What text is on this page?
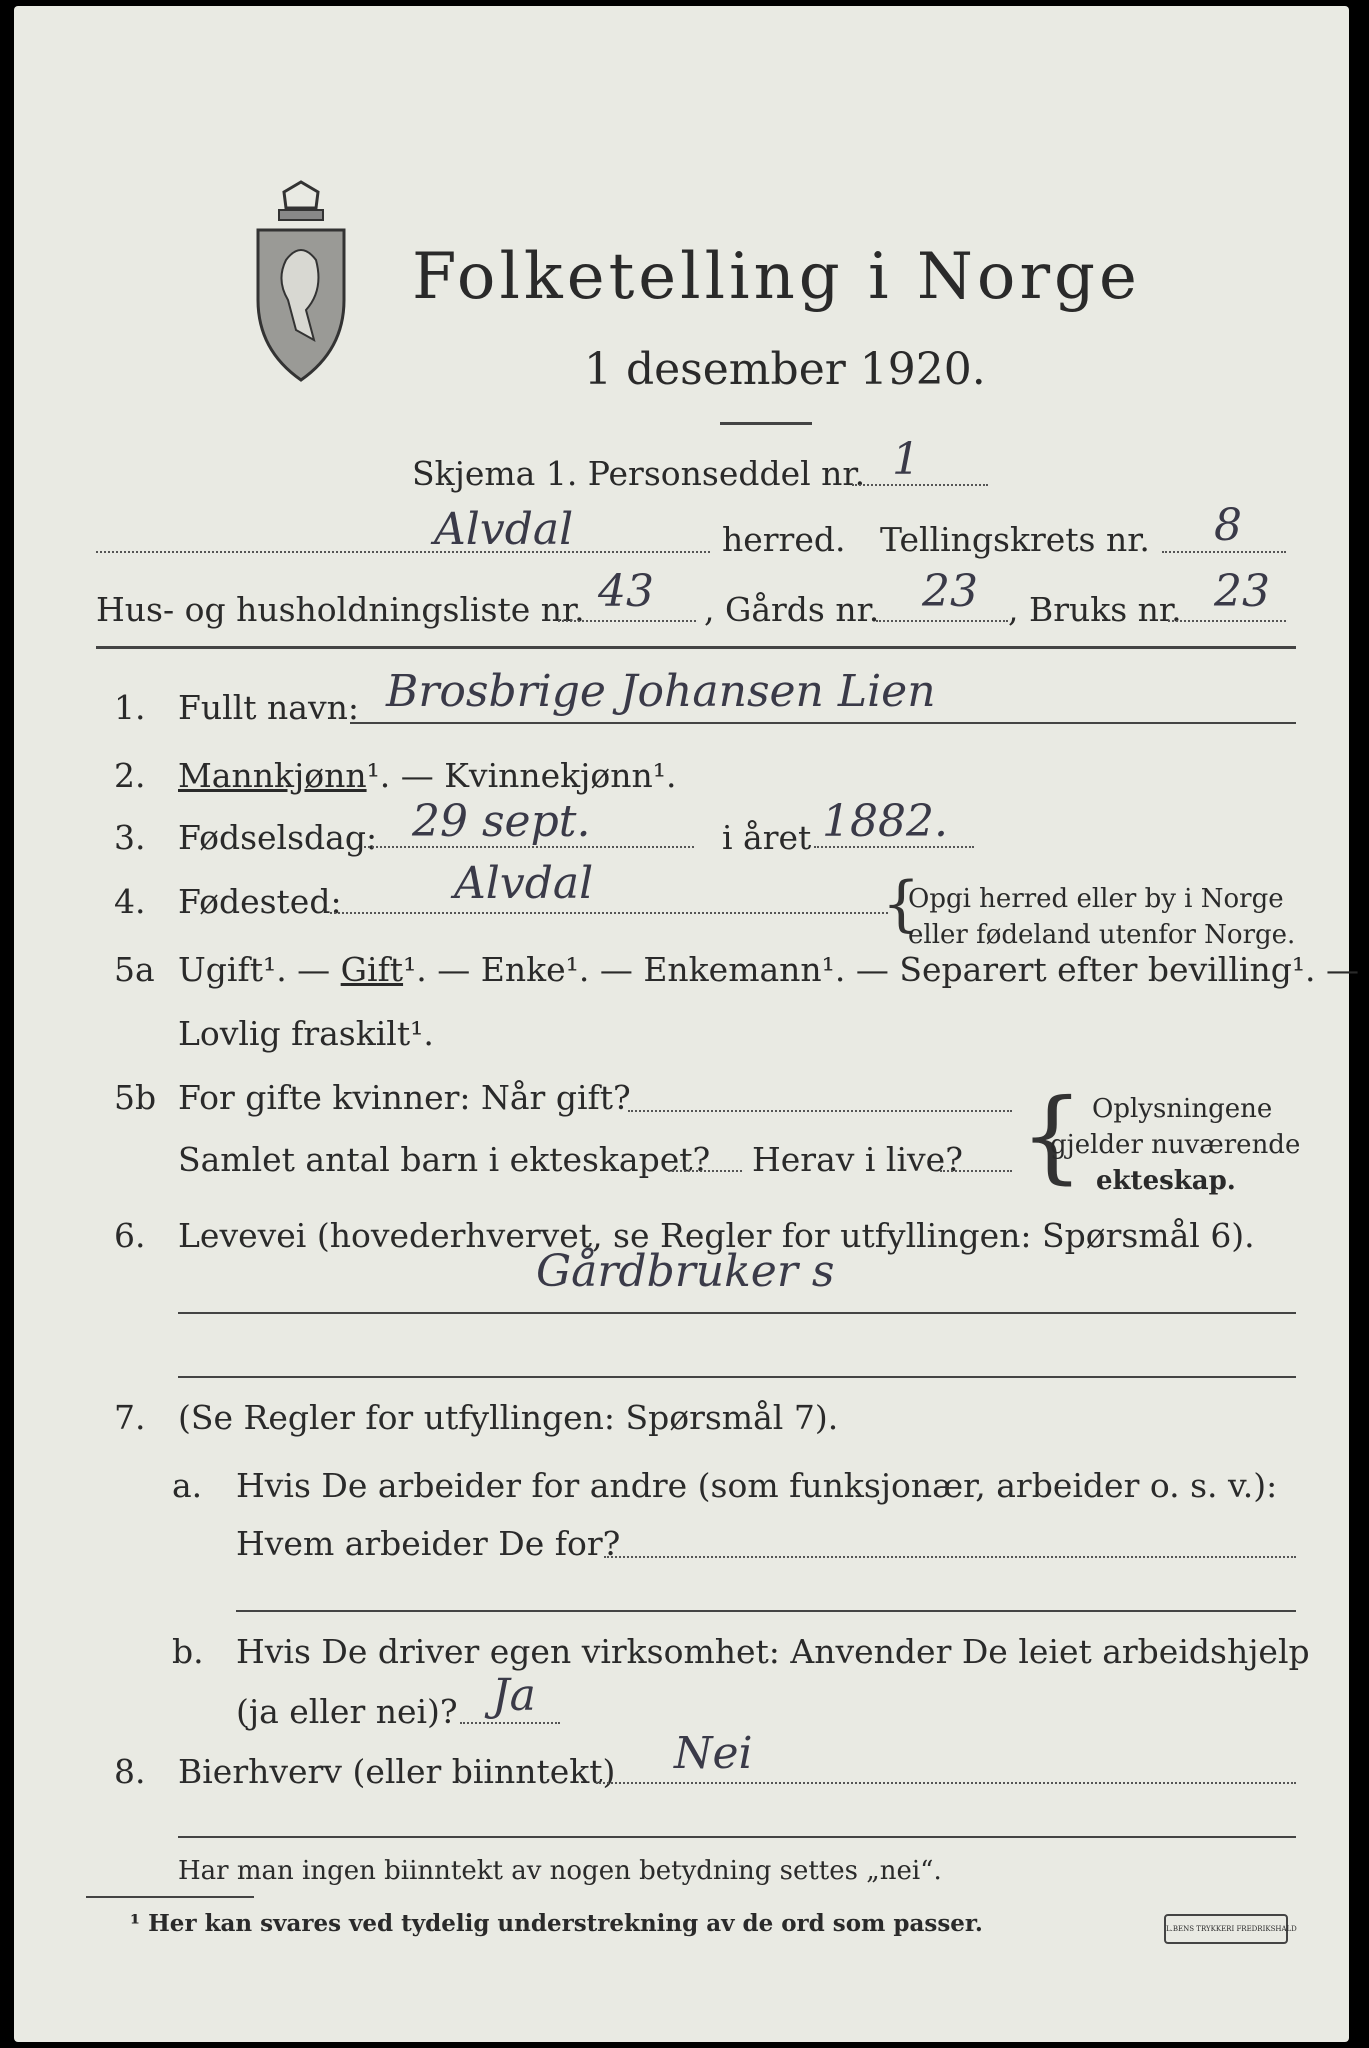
Folketelling i Norge
1 desember 1920.
Skjema 1. Personseddel nr. 1
Alvdal	herred. Tellingskrets nr. 8
Hus- og husholdningsliste nr. 43 , Gårds nr. 23 , Bruks nr. 23
1. Fullt navn: Brosbrige Johansen Lien
2. Mannkjønn¹. — Kvinnekjønn¹.
3. Fødselsdag: 29 sept.	i året 1882.
4. Fødested:	Alvdal	{
Opgi herred eller by i Norge
eller fødeland utenfor Norge.
5a Ugift¹. — Gift¹. — Enke¹. — Enkemann¹. — Separert efter bevilling¹. —
Lovlig fraskilt¹.
5b For gifte kvinner: Når gift?
Samlet antal barn i ekteskapet? Herav i live? { Oplysningene
gjelder nuværende
ekteskap.
6. Levevei (hovederhvervet, se Regler for utfyllingen: Spørsmål 6).
Gårdbruker s
7. (Se Regler for utfyllingen: Spørsmål 7).
a. Hvis De arbeider for andre (som funksjonær, arbeider o. s. v.):
Hvem arbeider De for?
b. Hvis De driver egen virksomhet: Anvender De leiet arbeidshjelp
(ja eller nei)? Ja
8. Bierhverv (eller biinntekt) Nei
Har man ingen biinntekt av nogen betydning settes „nei“.
¹ Her kan svares ved tydelig understrekning av de ord som passer.	L.BENS TRYKKERI FREDRIKSHALD
